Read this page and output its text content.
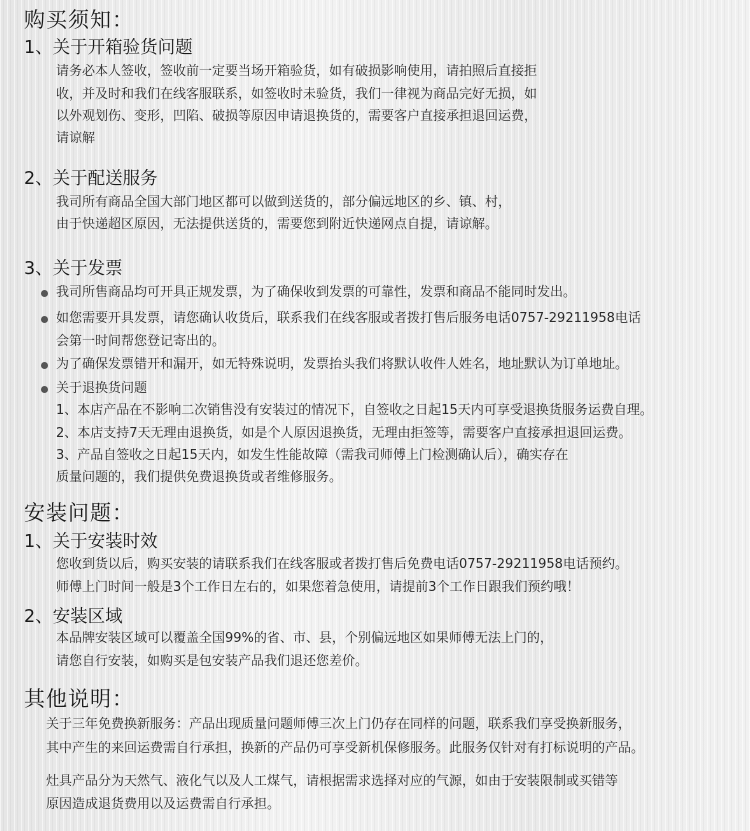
购买须知：
1、关于开箱验货问题
请务必本人签收，签收前一定要当场开箱验货，如有破损影响使用，请拍照后直接拒
收，并及时和我们在线客服联系，如签收时未验货，我们一律视为商品完好无损，如
以外观划伤、变形，凹陷、破损等原因申请退换货的，需要客户直接承担退回运费，
请谅解
2、关于配送服务
我司所有商品全国大部门地区都可以做到送货的，部分偏远地区的乡、镇、村，
由于快递超区原因，无法提供送货的，需要您到附近快递网点自提，请谅解。
3、关于发票
我司所售商品均可开具正规发票，为了确保收到发票的可靠性，发票和商品不能同时发出。
如您需要开具发票，请您确认收货后，联系我们在线客服或者拨打售后服务电话0757-29211958电话
会第一时间帮您登记寄出的。
为了确保发票错开和漏开，如无特殊说明，发票抬头我们将默认收件人姓名，地址默认为订单地址。
关于退换货问题
1、本店产品在不影响二次销售没有安装过的情况下，自签收之日起15天内可享受退换货服务运费自理。
2、本店支持7天无理由退换货，如是个人原因退换货，无理由拒签等，需要客户直接承担退回运费。
3、产品自签收之日起15天内，如发生性能故障（需我司师傅上门检测确认后），确实存在
质量问题的，我们提供免费退换货或者维修服务。
安装问题：
1、关于安装时效
您收到货以后，购买安装的请联系我们在线客服或者拨打售后免费电话0757-29211958电话预约。
师傅上门时间一般是3个工作日左右的，如果您着急使用，请提前3个工作日跟我们预约哦！
2、安装区域
本品牌安装区域可以覆盖全国99%的省、市、县，个别偏远地区如果师傅无法上门的，
请您自行安装，如购买是包安装产品我们退还您差价。
其他说明：
关于三年免费换新服务：产品出现质量问题师傅三次上门仍存在同样的问题，联系我们享受换新服务，
其中产生的来回运费需自行承担，换新的产品仍可享受新机保修服务。此服务仅针对有打标说明的产品。
灶具产品分为天然气、液化气以及人工煤气，请根据需求选择对应的气源，如由于安装限制或买错等
原因造成退货费用以及运费需自行承担。
